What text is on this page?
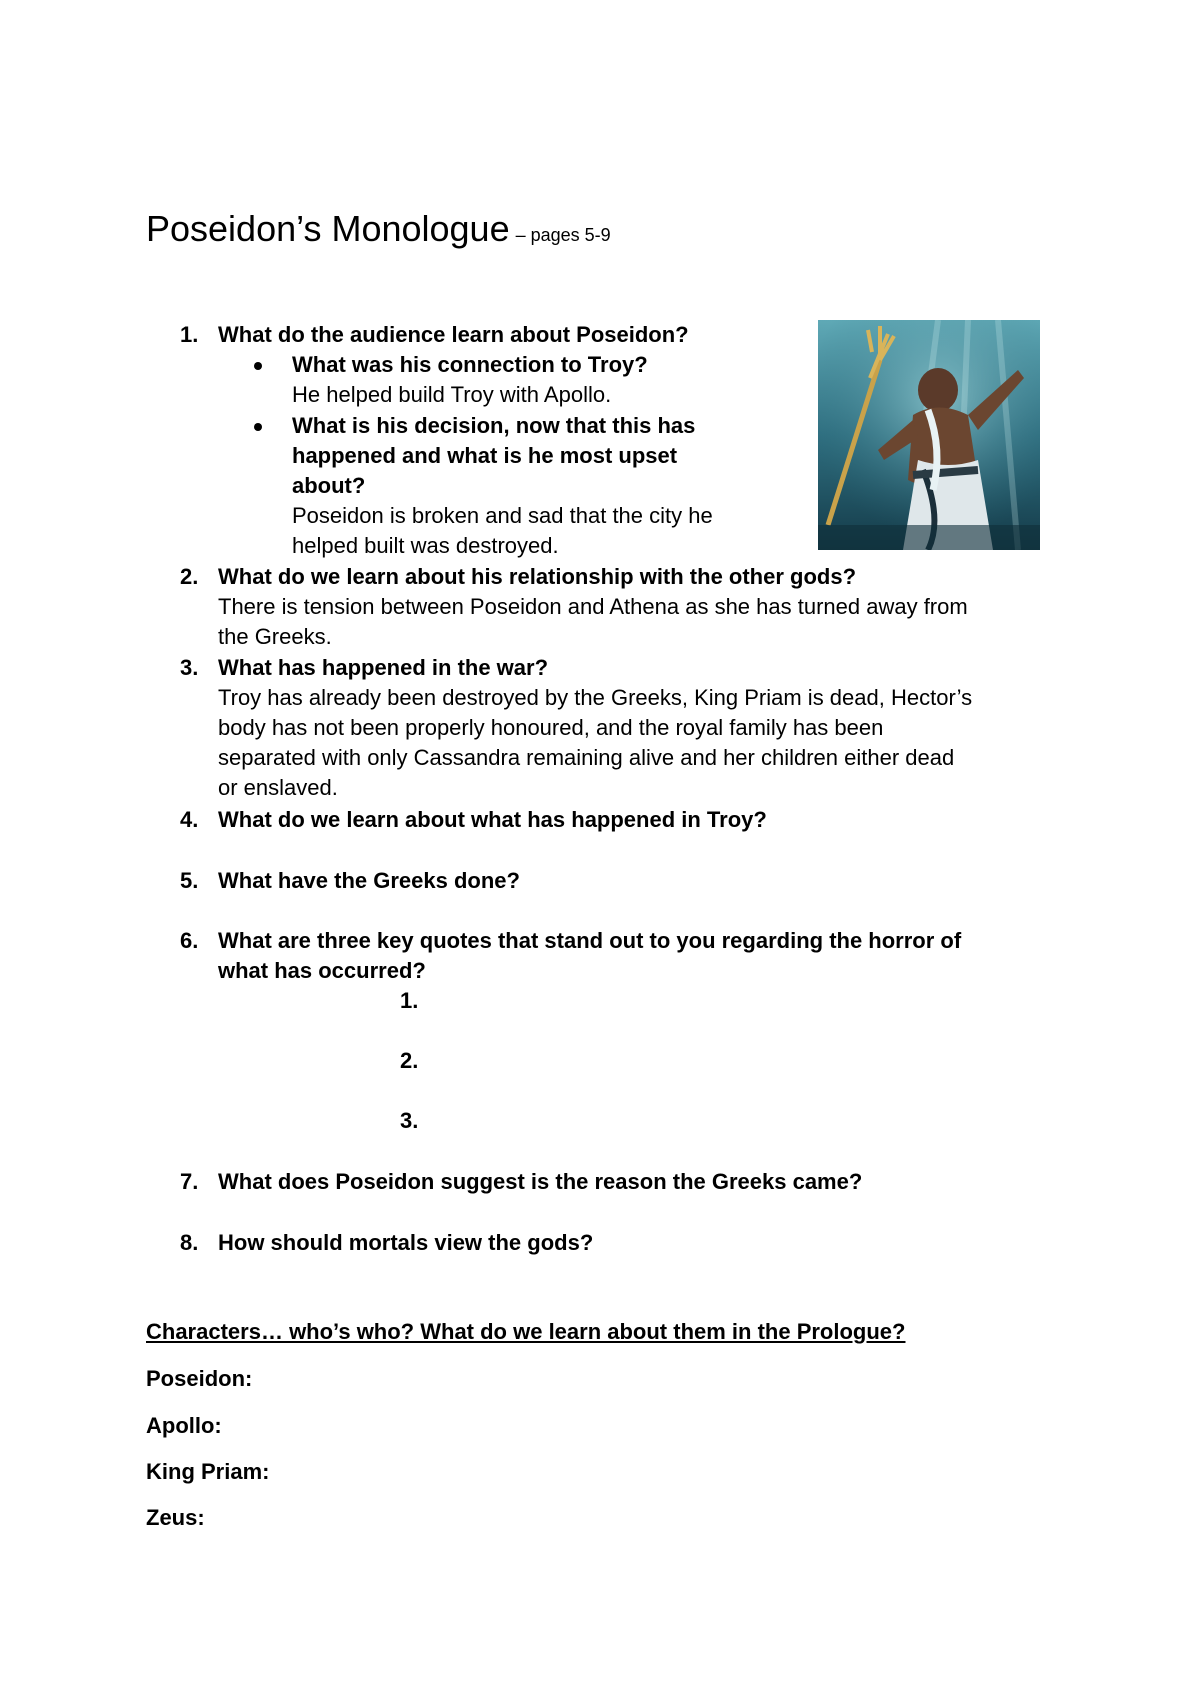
Poseidon’s Monologue – pages 5-9
1. What do the audience learn about Poseidon?
What was his connection to Troy?
He helped build Troy with Apollo.
What is his decision, now that this has
happened and what is he most upset
about?
Poseidon is broken and sad that the city he
helped built was destroyed.
2. What do we learn about his relationship with the other gods?
There is tension between Poseidon and Athena as she has turned away from
the Greeks.
3. What has happened in the war?
Troy has already been destroyed by the Greeks, King Priam is dead, Hector’s
body has not been properly honoured, and the royal family has been
separated with only Cassandra remaining alive and her children either dead
or enslaved.
4. What do we learn about what has happened in Troy?
5. What have the Greeks done?
6. What are three key quotes that stand out to you regarding the horror of
what has occurred?
1.
2.
3.
7. What does Poseidon suggest is the reason the Greeks came?
8. How should mortals view the gods?
Characters… who’s who? What do we learn about them in the Prologue?
Poseidon:
Apollo:
King Priam:
Zeus:
